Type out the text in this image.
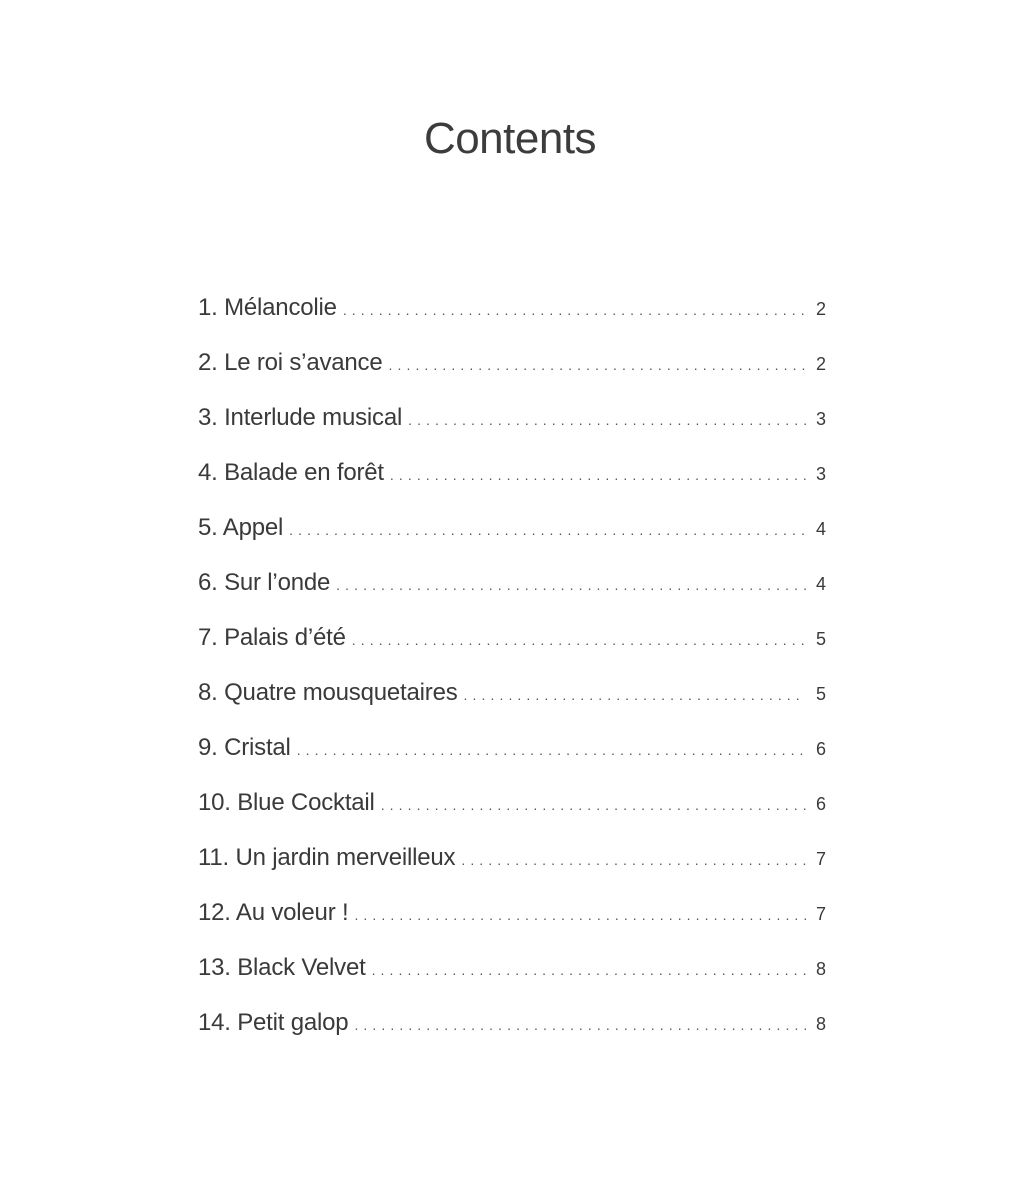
Contents
1. Mélancolie . . .	2
2. Le roi s’avance . . .	2
3. Interlude musical . . .	3
4. Balade en forêt . . .	3
5. Appel . . .	4
6. Sur l’onde . . .	4
7. Palais d’été . . .	5
8. Quatre mousquetaires . . .	5
9. Cristal . . .	6
10. Blue Cocktail . . .	6
11. Un jardin merveilleux . . .	7
12. Au voleur ! . . .	7
13. Black Velvet . . .	8
14. Petit galop . . .	8
